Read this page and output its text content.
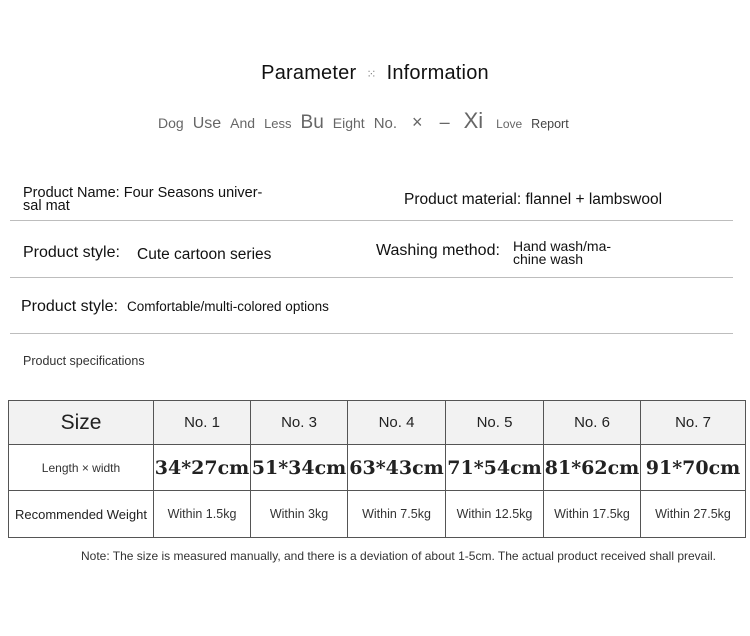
Parameter ⁙ Information
Dog Use And Less Bu Eight No. × – Xi Love Report
Product Name: Four Seasons univer-sal mat	Product material: flannel + lambswool
Product style: Cute cartoon series	Washing method: Hand wash/ma-chine wash
Product style: Comfortable/multi-colored options
Product specifications
Size	No. 1	No. 3	No. 4	No. 5	No. 6	No. 7
Length × width	34*27cm	51*34cm	63*43cm	71*54cm	81*62cm	91*70cm
Recommended Weight	Within 1.5kg	Within 3kg	Within 7.5kg	Within 12.5kg	Within 17.5kg	Within 27.5kg
Note: The size is measured manually, and there is a deviation of about 1-5cm. The actual product received shall prevail.
